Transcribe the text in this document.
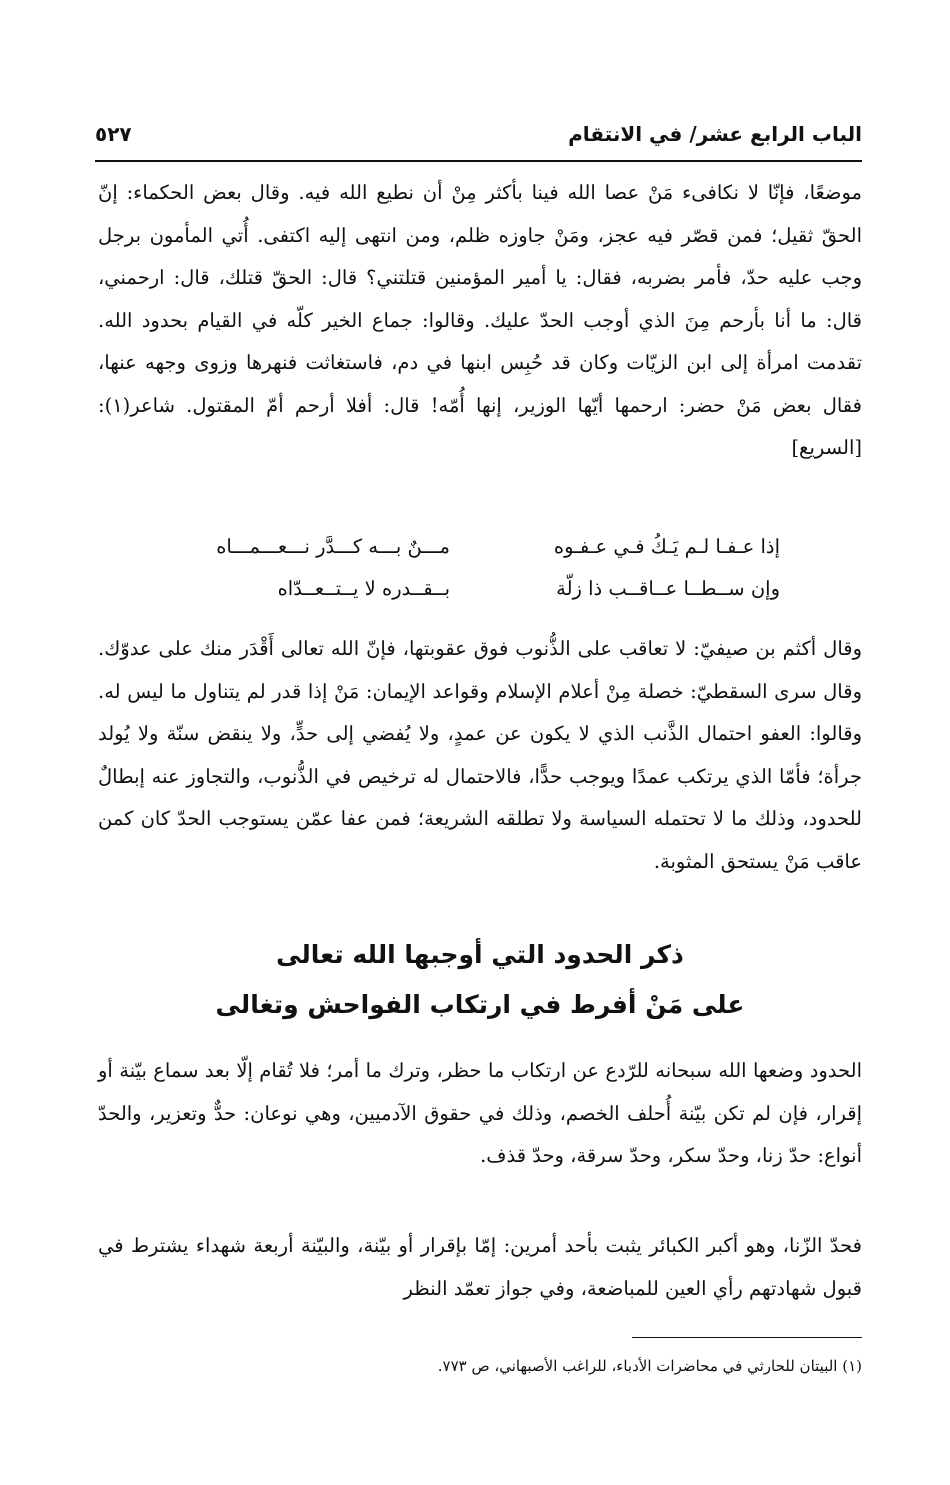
الباب الرابع عشر/ في الانتقام
٥٢٧

موضعًا، فإنّا لا نكافىء مَنْ عصا الله فينا بأكثر مِنْ أن نطيع الله فيه. وقال بعض الحكماء: إنّ الحقّ ثقيل؛ فمن قصّر فيه عجز، ومَنْ جاوزه ظلم، ومن انتهى إليه اكتفى. أُتي المأمون برجل وجب عليه حدّ، فأمر بضربه، فقال: يا أمير المؤمنين قتلتني؟ قال: الحقّ قتلك، قال: ارحمني، قال: ما أنا بأرحم مِنَ الذي أوجب الحدّ عليك. وقالوا: جماع الخير كلّه في القيام بحدود الله. تقدمت امرأة إلى ابن الزيّات وكان قد حُبِس ابنها في دم، فاستغاثت فنهرها وزوى وجهه عنها، فقال بعض مَنْ حضر: ارحمها أيّها الوزير، إنها أُمّه! قال: أفلا أرحم أمّ المقتول. شاعر(١): [السريع]

إذا عـفـا لـم يَـكُ فـي عـفـوه
مـــنٌ بـــه كـــدَّر نـــعـــمـــاه
وإن ســطــا عــاقــب ذا زلّة
بــقــدره لا يــتــعــدّاه

وقال أكثم بن صيفيّ: لا تعاقب على الذُّنوب فوق عقوبتها، فإنّ الله تعالى أَقْدَر منك على عدوّك. وقال سرى السقطيّ: خصلة مِنْ أعلام الإسلام وقواعد الإيمان: مَنْ إذا قدر لم يتناول ما ليس له. وقالوا: العفو احتمال الذَّنب الذي لا يكون عن عمدٍ، ولا يُفضي إلى حدٍّ، ولا ينقض سنّة ولا يُولد جرأة؛ فأمّا الذي يرتكب عمدًا ويوجب حدًّا، فالاحتمال له ترخيص في الذُّنوب، والتجاوز عنه إبطالٌ للحدود، وذلك ما لا تحتمله السياسة ولا تطلقه الشريعة؛ فمن عفا عمّن يستوجب الحدّ كان كمن عاقب مَنْ يستحق المثوبة.

ذكر الحدود التي أوجبها الله تعالى
على مَنْ أفرط في ارتكاب الفواحش وتغالى

الحدود وضعها الله سبحانه للرّدع عن ارتكاب ما حظر، وترك ما أمر؛ فلا تُقام إلّا بعد سماع بيّنة أو إقرار، فإن لم تكن بيّنة أُحلف الخصم، وذلك في حقوق الآدميين، وهي نوعان: حدٌّ وتعزير، والحدّ أنواع: حدّ زنا، وحدّ سكر، وحدّ سرقة، وحدّ قذف.

فحدّ الزّنا، وهو أكبر الكبائر يثبت بأحد أمرين: إمّا بإقرار أو بيّنة، والبيّنة أربعة شهداء يشترط في قبول شهادتهم رأي العين للمباضعة، وفي جواز تعمّد النظر

(١) البيتان للحارثي في محاضرات الأدباء، للراغب الأصبهاني، ص ٧٧٣.
